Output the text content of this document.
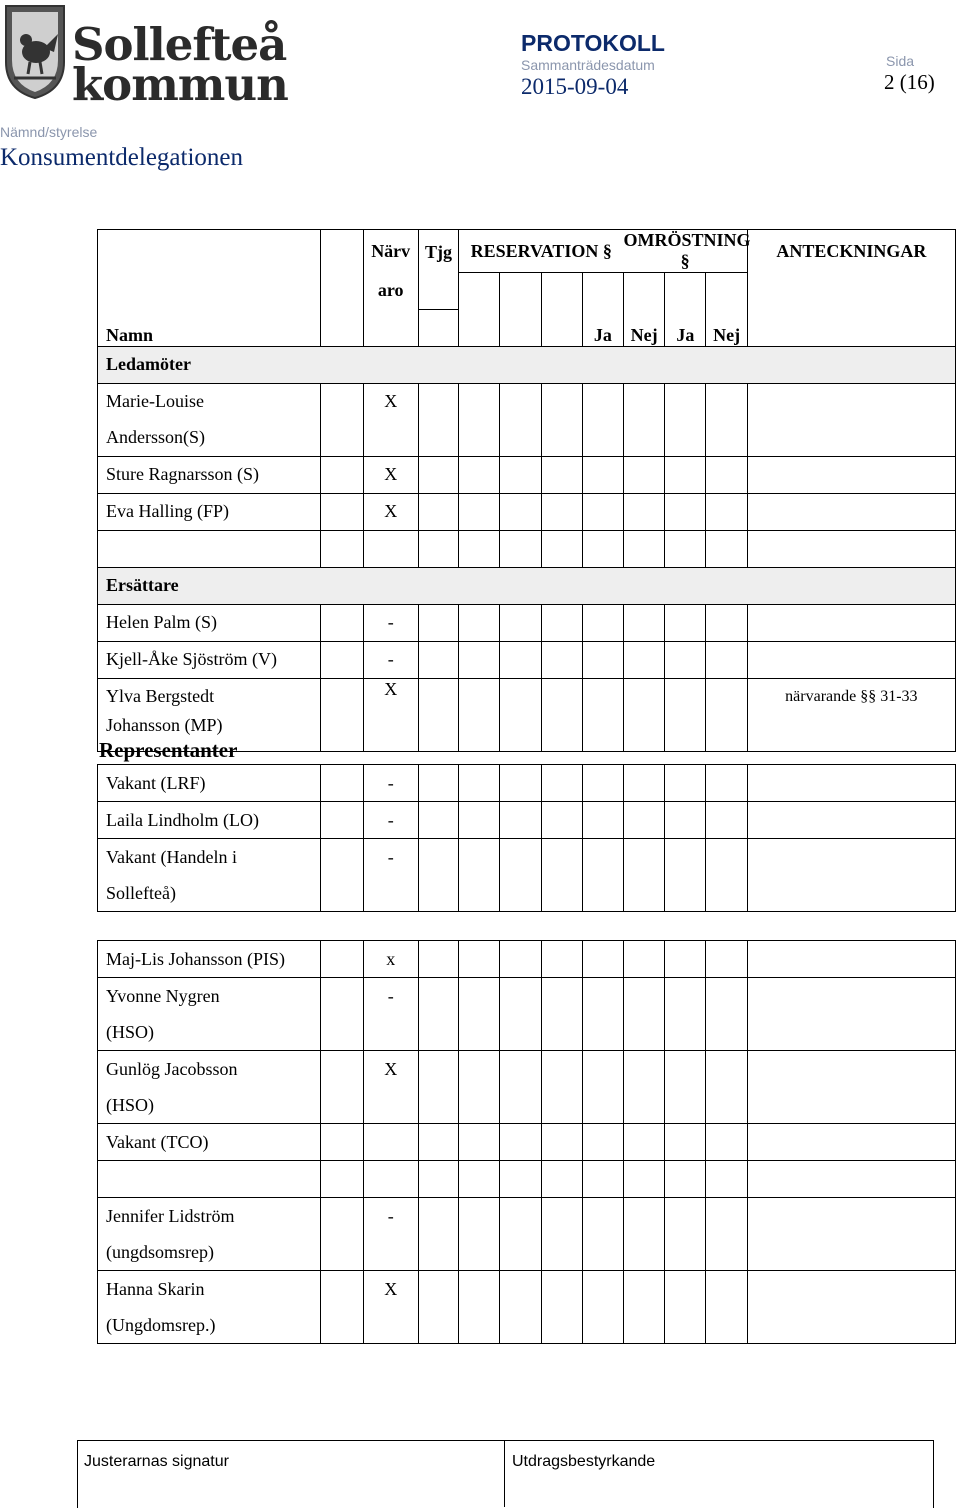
Sollefteå
kommun
PROTOKOLL
Sammanträdesdatum
2015-09-04
Sida
2 (16)
Nämnd/styrelse
Konsumentdelegationen
		Närv	Tjg	RESERVATION §				OMRÖSTNING §			ANTECKNINGAR
		aro									
Namn							Ja	Nej	Ja	Nej	
Ledamöter											
Marie-Louise		X									
Andersson(S)											
Sture Ragnarsson (S)		X									
Eva Halling (FP)		X									

Ersättare											
Helen Palm (S)		-									
Kjell-Åke Sjöström (V)		-									
Ylva Bergstedt		X									närvarande §§ 31-33
Johansson (MP)											
Representanter
Vakant (LRF)		-									
Laila Lindholm (LO)		-									
Vakant (Handeln i		-									
Sollefteå)											
Maj-Lis Johansson (PIS)		x									
Yvonne Nygren		-									
(HSO)											
Gunlög Jacobsson		X									
(HSO)											
Vakant (TCO)											

Jennifer Lidström		-									
(ungdsomsrep)											
Hanna Skarin		X									
(Ungdomsrep.)											
Justerarnas signatur	Utdragsbestyrkande
